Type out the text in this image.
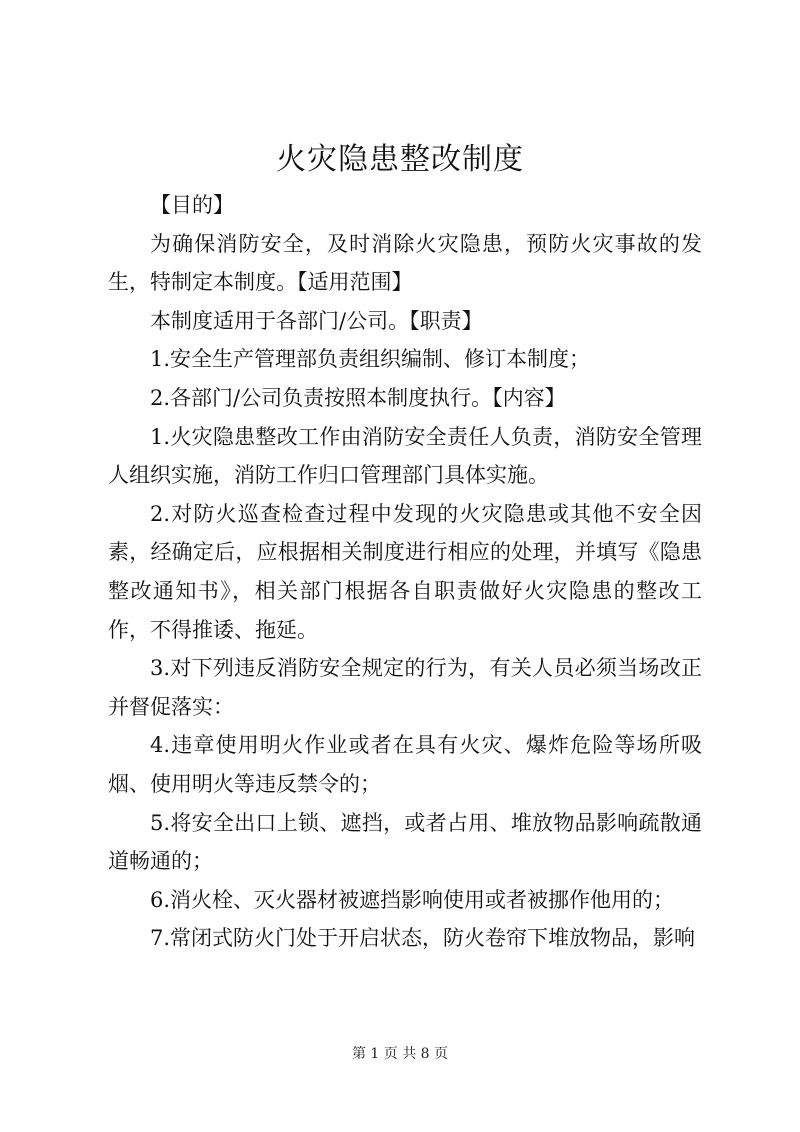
火灾隐患整改制度

【目的】

为确保消防安全，及时消除火灾隐患，预防火灾事故的发生，特制定本制度。【适用范围】

本制度适用于各部门/公司。【职责】

1.安全生产管理部负责组织编制、修订本制度；

2.各部门/公司负责按照本制度执行。【内容】

1.火灾隐患整改工作由消防安全责任人负责，消防安全管理人组织实施，消防工作归口管理部门具体实施。

2.对防火巡查检查过程中发现的火灾隐患或其他不安全因素，经确定后，应根据相关制度进行相应的处理，并填写《隐患整改通知书》，相关部门根据各自职责做好火灾隐患的整改工作，不得推诿、拖延。

3.对下列违反消防安全规定的行为，有关人员必须当场改正并督促落实：

4.违章使用明火作业或者在具有火灾、爆炸危险等场所吸烟、使用明火等违反禁令的；

5.将安全出口上锁、遮挡，或者占用、堆放物品影响疏散通道畅通的；

6.消火栓、灭火器材被遮挡影响使用或者被挪作他用的；

7.常闭式防火门处于开启状态，防火卷帘下堆放物品，影响

第 1 页 共 8 页
